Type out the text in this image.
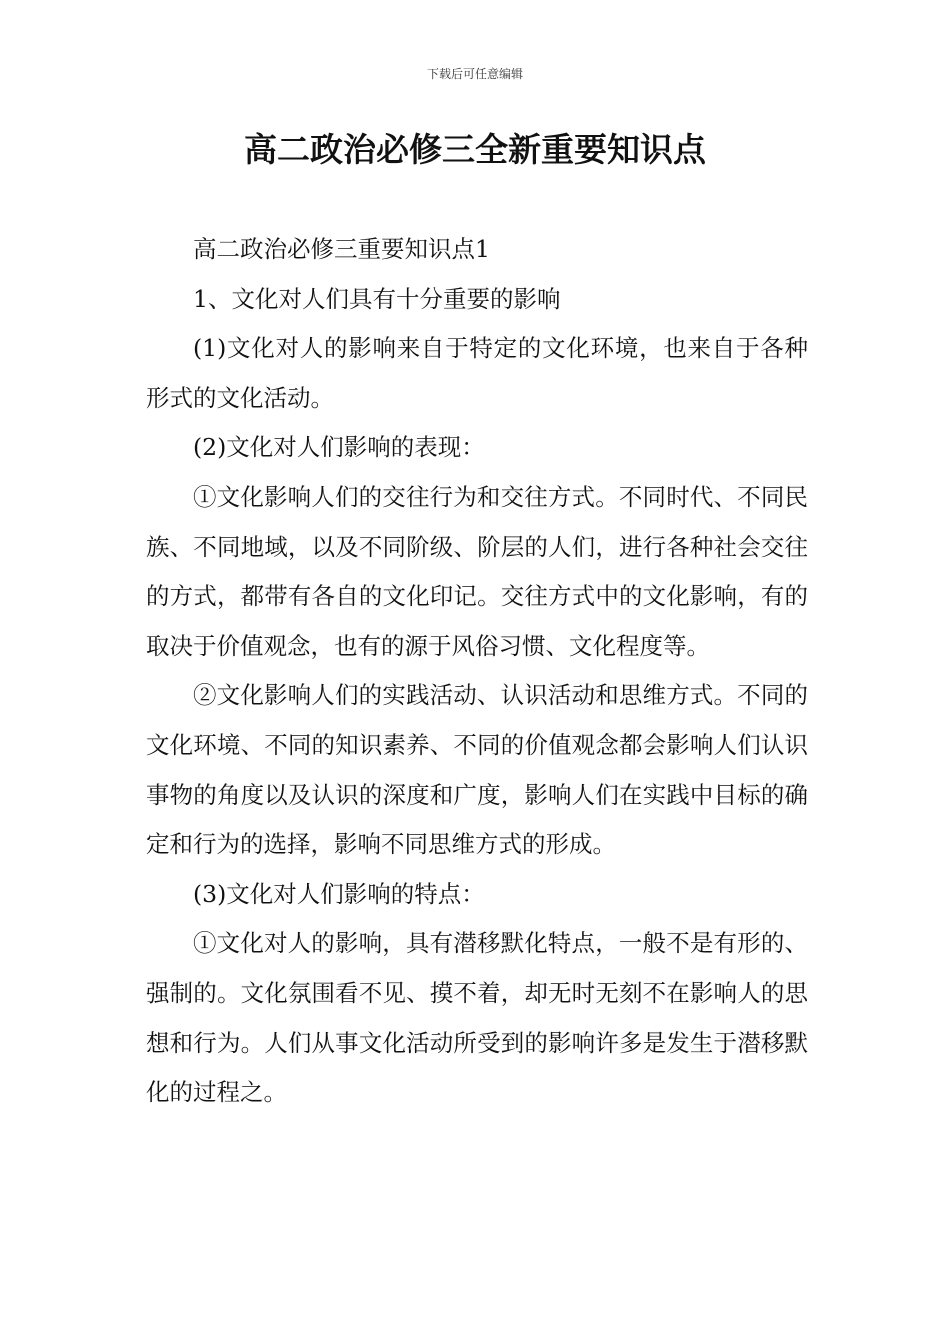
下载后可任意编辑
高二政治必修三全新重要知识点

高二政治必修三重要知识点1

1、文化对人们具有十分重要的影响

(1)文化对人的影响来自于特定的文化环境，也来自于各种形式的文化活动。

(2)文化对人们影响的表现：

①文化影响人们的交往行为和交往方式。不同时代、不同民族、不同地域，以及不同阶级、阶层的人们，进行各种社会交往的方式，都带有各自的文化印记。交往方式中的文化影响，有的取决于价值观念，也有的源于风俗习惯、文化程度等。

②文化影响人们的实践活动、认识活动和思维方式。不同的文化环境、不同的知识素养、不同的价值观念都会影响人们认识事物的角度以及认识的深度和广度，影响人们在实践中目标的确定和行为的选择，影响不同思维方式的形成。

(3)文化对人们影响的特点：

①文化对人的影响，具有潜移默化特点，一般不是有形的、强制的。文化氛围看不见、摸不着，却无时无刻不在影响人的思想和行为。人们从事文化活动所受到的影响许多是发生于潜移默化的过程之。
